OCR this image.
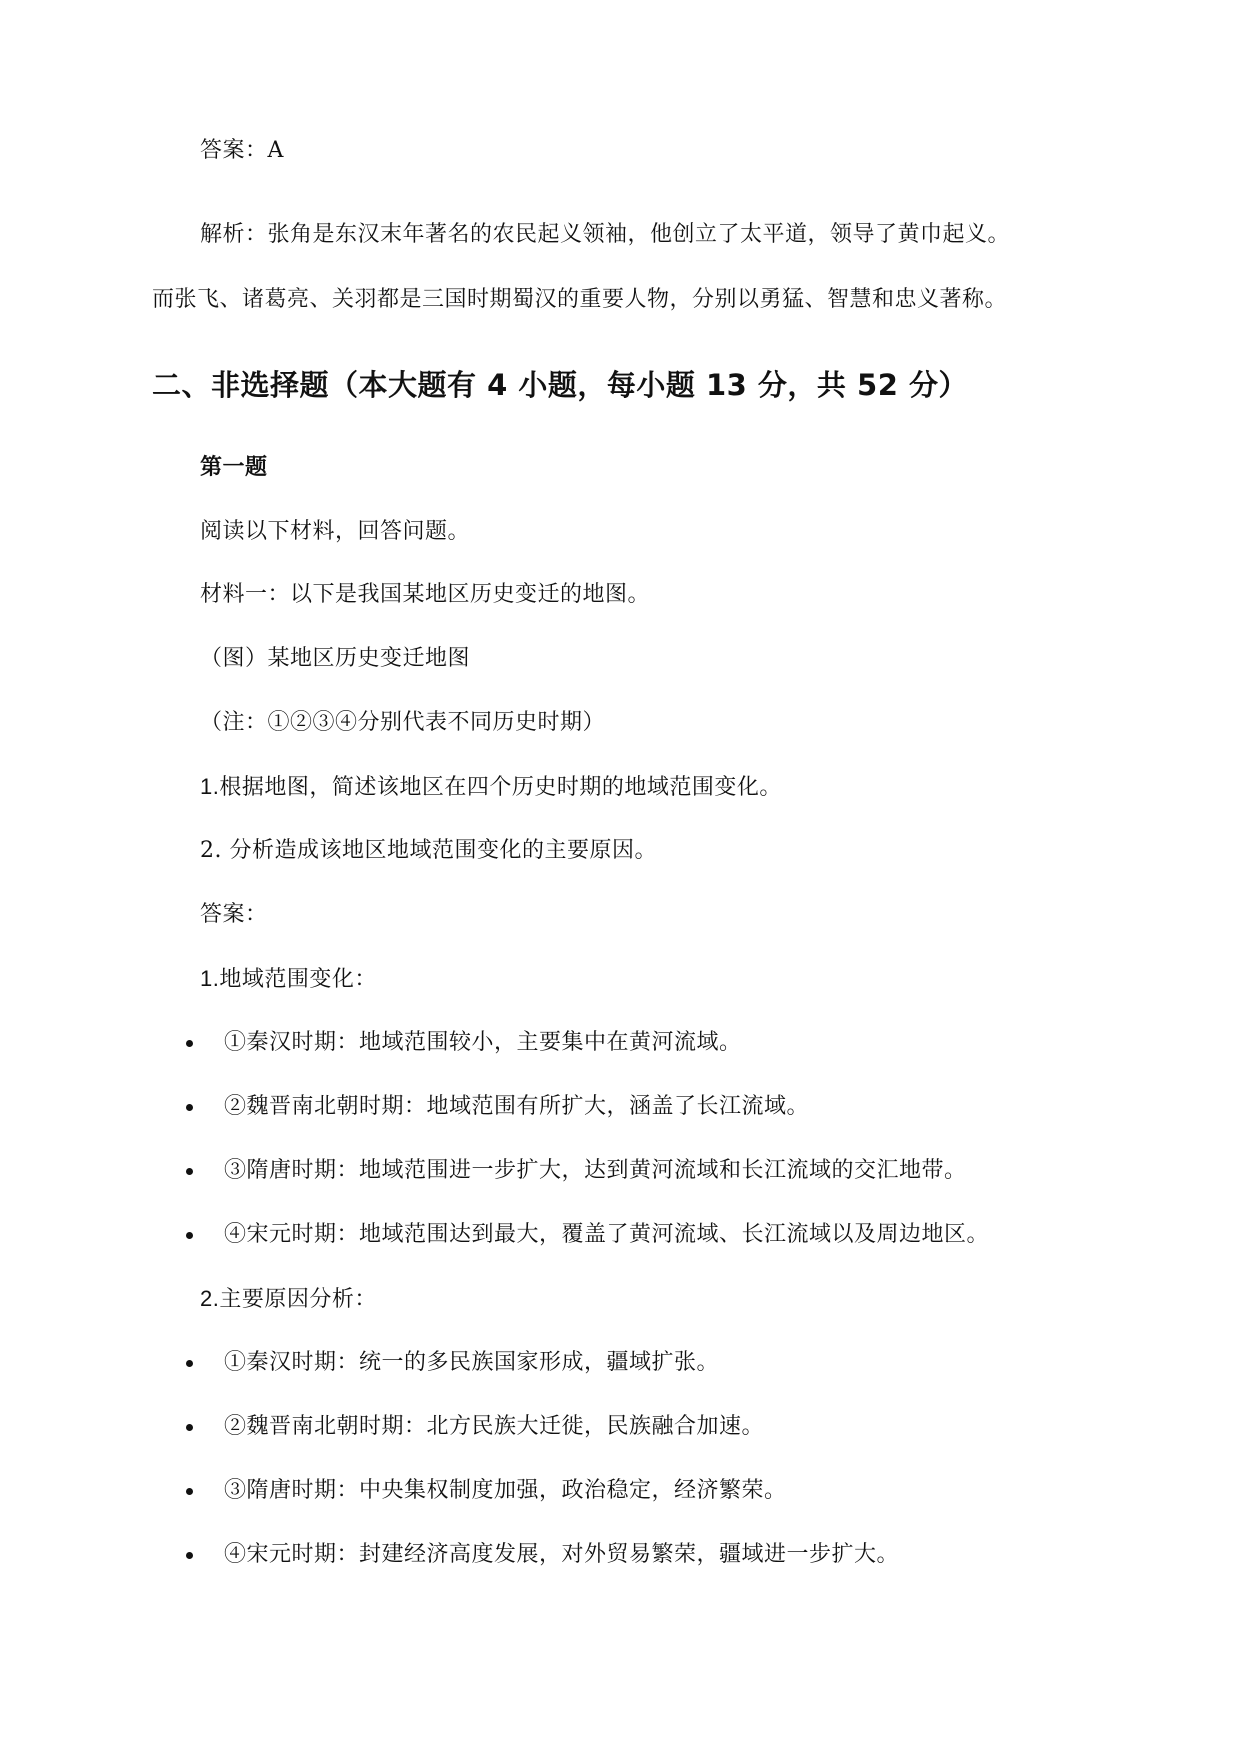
答案：A
解析：张角是东汉末年著名的农民起义领袖，他创立了太平道，领导了黄巾起义。
而张飞、诸葛亮、关羽都是三国时期蜀汉的重要人物，分别以勇猛、智慧和忠义著称。
二、非选择题（本大题有 4 小题，每小题 13 分，共 52 分）
第一题
阅读以下材料，回答问题。
材料一：以下是我国某地区历史变迁的地图。
（图）某地区历史变迁地图
（注：①②③④分别代表不同历史时期）
1.根据地图，简述该地区在四个历史时期的地域范围变化。
2. 分析造成该地区地域范围变化的主要原因。
答案：
1.地域范围变化：
①秦汉时期：地域范围较小，主要集中在黄河流域。
②魏晋南北朝时期：地域范围有所扩大，涵盖了长江流域。
③隋唐时期：地域范围进一步扩大，达到黄河流域和长江流域的交汇地带。
④宋元时期：地域范围达到最大，覆盖了黄河流域、长江流域以及周边地区。
2.主要原因分析：
①秦汉时期：统一的多民族国家形成，疆域扩张。
②魏晋南北朝时期：北方民族大迁徙，民族融合加速。
③隋唐时期：中央集权制度加强，政治稳定，经济繁荣。
④宋元时期：封建经济高度发展，对外贸易繁荣，疆域进一步扩大。
